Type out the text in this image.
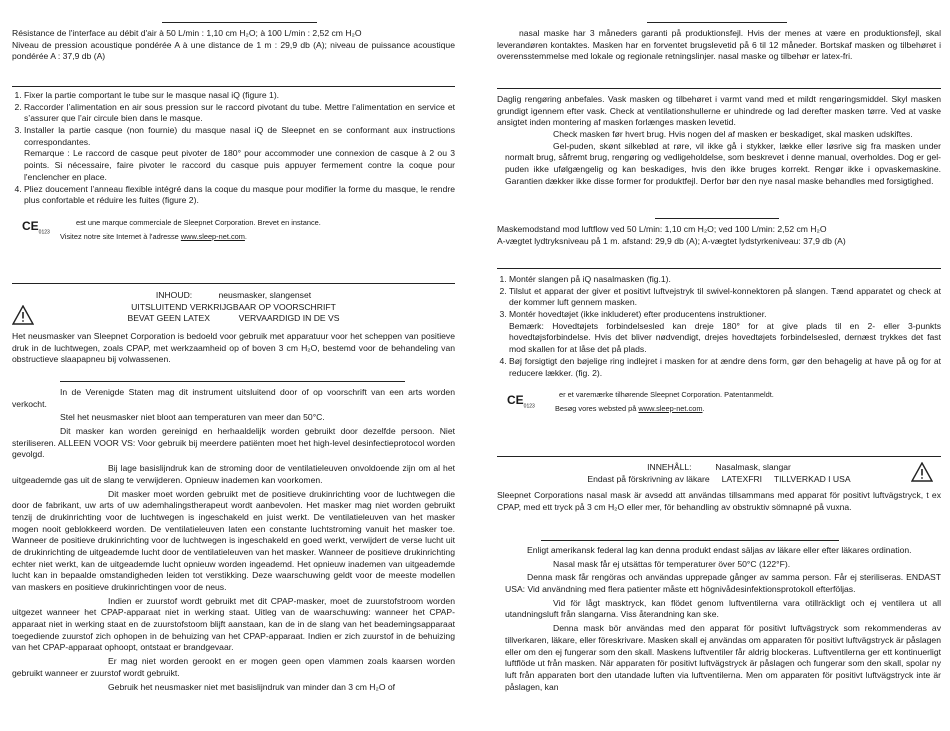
Résistance de l'interface au débit d'air à 50 L/min : 1,10 cm H₂O; à 100 L/min : 2,52 cm H₂O

Niveau de pression acoustique pondérée A à une distance de 1 m : 29,9 db (A); niveau de puissance acoustique pondérée A : 37,9 db (A)

1. Fixer la partie comportant le tube sur le masque nasal iQ (figure 1).
2. Raccorder l’alimentation en air sous pression sur le raccord pivotant du tube. Mettre l’alimentation en service et s’assurer que l’air circule bien dans le masque.
3. Installer la partie casque (non fournie) du masque nasal iQ de Sleepnet en se conformant aux instructions correspondantes.

Remarque : Le raccord de casque peut pivoter de 180° pour accommoder une connexion de casque à 2 ou 3 points. Si nécessaire, faire pivoter le raccord du casque puis appuyer fermement contre la coque pour l'enclencher en place.

4. Pliez doucement l’anneau flexible intégré dans la coque du masque pour modifier la forme du masque, le rendre plus confortable et réduire les fuites (figure 2).
$CE_{0123}$
est une marque commerciale de Sleepnet Corporation. Brevet en instance.
Visitez notre site Internet à l'adresse www.sleep-net.com.
INHOUD:	neusmasker, slangenset
UITSLUITEND VERKRIJGBAAR OP VOORSCHRIFT
BEVAT GEEN LATEX	VERVAARDIGD IN DE VS

Het neusmasker van Sleepnet Corporation is bedoeld voor gebruik met apparatuur voor het scheppen van positieve druk in de luchtwegen, zoals CPAP, met werkzaamheid op of boven 3 cm H₂O, bestemd voor de behandeling van obstructieve slaapapneu bij volwassenen.

In de Verenigde Staten mag dit instrument uitsluitend door of op voorschrift van een arts worden verkocht.

Stel het neusmasker niet bloot aan temperaturen van meer dan 50°C.

Dit masker kan worden gereinigd en herhaaldelijk worden gebruikt door dezelfde persoon. Niet steriliseren. ALLEEN VOOR VS: Voor gebruik bij meerdere patiënten moet het high-level desinfectieprotocol worden gevolgd.

Bij lage basislijndruk kan de stroming door de ventilatieleuven onvoldoende zijn om al het uitgeademde gas uit de slang te verwijderen. Opnieuw inademen kan voorkomen.

Dit masker moet worden gebruikt met de positieve drukinrichting voor de luchtwegen die door de fabrikant, uw arts of uw ademhalingstherapeut wordt aanbevolen. Het masker mag niet worden gebruikt tenzij de drukinrichting voor de luchtwegen is ingeschakeld en juist werkt. De ventilatieleuven van het masker mogen nooit geblokkeerd worden. De ventilatieleuven laten een constante luchtstroming vanuit het masker toe. Wanneer de positieve drukinrichting voor de luchtwegen is ingeschakeld en goed werkt, verwijdert de verse lucht uit de drukinrichting de uitgeademde lucht door de ventilatieleuven van het masker. Wanneer de positieve drukinrichting echter niet werkt, kan de uitgeademde lucht opnieuw worden ingeademd. Het opnieuw inademen van uitgeademde lucht kan in bepaalde omstandigheden leiden tot verstikking. Deze waarschuwing geldt voor de meeste modellen van maskers en positieve drukinrichtingen voor de neus.

Indien er zuurstof wordt gebruikt met dit CPAP-masker, moet de zuurstofstroom worden uitgezet wanneer het CPAP-apparaat niet in werking staat. Uitleg van de waarschuwing: wanneer het CPAP-apparaat niet in werking staat en de zuurstofstoom blijft aanstaan, kan de in de slang van het beademingsapparaat toegediende zuurstof zich ophopen in de behuizing van het CPAP-apparaat. Indien er zich zuurstof in de behuizing van het CPAP-apparaat ophoopt, ontstaat er brandgevaar.

Er mag niet worden gerookt en er mogen geen open vlammen zoals kaarsen worden gebruikt wanneer er zuurstof wordt gebruikt.

Gebruik het neusmasker niet met basislijndruk van minder dan 3 cm H₂O of

nasal maske har 3 måneders garanti på produktionsfejl. Hvis der menes at være en produktionsfejl, skal leverandøren kontaktes. Masken har en forventet brugslevetid på 6 til 12 måneder. Bortskaf masken og tilbehøret i overensstemmelse med lokale og regionale retningslinjer. nasal maske og tilbehør er latex-fri.

Daglig rengøring anbefales. Vask masken og tilbehøret i varmt vand med et mildt rengøringsmiddel. Skyl masken grundigt igennem efter vask. Check at ventilationshullerne er uhindrede og lad derefter masken tørre. Ved at vaske ansigtet inden montering af masken forlænges masken levetid.

Check masken før hvert brug. Hvis nogen del af masken er beskadiget, skal masken udskiftes.

Gel-puden, skønt silkeblød at røre, vil ikke gå i stykker, lække eller løsrive sig fra masken under normalt brug, såfremt brug, rengøring og vedligeholdelse, som beskrevet i denne manual, overholdes. Dog er gel-puden ikke ufølgængelig og kan beskadiges, hvis den ikke bruges korrekt. Rengør ikke i opvaskemaskine. Garantien dækker ikke disse former for produktfejl. Derfor bør den nye nasal maske behandles med forsigtighed.

Maskemodstand mod luftflow ved 50 L/min: 1,10 cm H₂O; ved 100 L/min: 2,52 cm H₂O

A-vægtet lydtryksniveau på 1 m. afstand: 29,9 db (A); A-vægtet lydstyrkeniveau: 37,9 db (A)

1. Montér slangen på iQ nasalmasken (fig.1).
2. Tilslut et apparat der giver et positivt luftvejstryk til swivel-konnektoren på slangen. Tænd apparatet og check at der kommer luft gennem masken.
3. Montér hovedtøjet (ikke inkluderet) efter producentens instruktioner.

Bemærk: Hovedtøjets forbindelsesled kan dreje 180° for at give plads til en 2- eller 3-punkts hovedtøjsforbindelse. Hvis det bliver nødvendigt, drejes hovedtøjets forbindelsesled, dernæst trykkes det fast mod skallen for at låse det på plads.

4. Bøj forsigtigt den bøjelige ring indlejret i masken for at ændre dens form, gør den behagelig at have på og for at reducere lækker. (fig. 2).
$CE_{0123}$
er et varemærke tilhørende Sleepnet Corporation. Patentanmeldt.
Besøg vores websted på www.sleep-net.com.
INNEHÅLL:	Nasalmask, slangar
Endast på förskrivning av läkare LATEXFRI TILLVERKAD I USA

Sleepnet Corporations nasal mask är avsedd att användas tillsammans med apparat för positivt luftvägstryck, t ex CPAP, med ett tryck på 3 cm H₂O eller mer, för behandling av obstruktiv sömnapné på vuxna.

Enligt amerikansk federal lag kan denna produkt endast säljas av läkare eller efter läkares ordination.

Nasal mask får ej utsättas för temperaturer över 50°C (122°F).

Denna mask får rengöras och användas upprepade gånger av samma person. Får ej steriliseras. ENDAST USA: Vid användning med flera patienter måste ett högnivådesinfektionsprotokoll efterföljas.

Vid för lågt masktryck, kan flödet genom luftventilerna vara otillräckligt och ej ventilera ut all utandningsluft från slangarna. Viss återandning kan ske.

Denna mask bör användas med den apparat för positivt luftvägstryck som rekommenderas av tillverkaren, läkare, eller föreskrivare. Masken skall ej användas om apparaten för positivt luftvägstryck är påslagen eller om den ej fungerar som den skall. Maskens luftventiler får aldrig blockeras. Luftventilerna ger ett kontinuerligt luftflöde ut från masken. När apparaten för positivt luftvägstryck är påslagen och fungerar som den skall, spolar ny luft från apparaten bort den utandade luften via luftventilerna. Men om apparaten för positivt luftvägstryck inte är påslagen, kan
